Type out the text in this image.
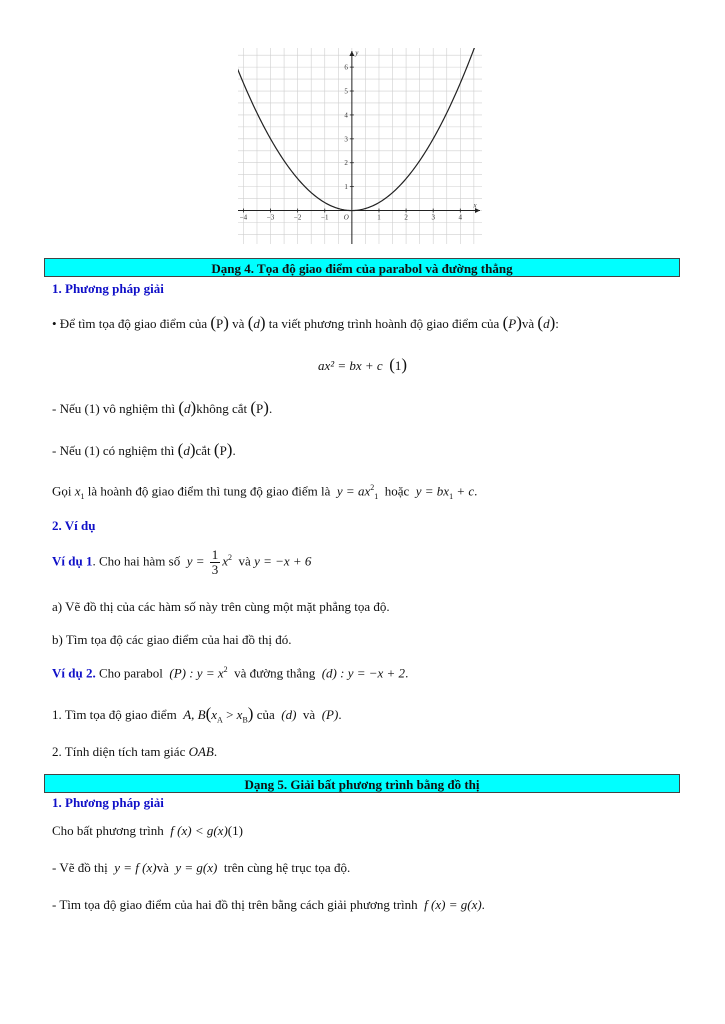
−4	−3	−2	−1	1	2	3	4
1
2
3
4
5
6
O
x
y
Dạng 4. Tọa độ giao điểm của parabol và đường thẳng
1. Phương pháp giải
• Để tìm tọa độ giao điểm của (P) và (d) ta viết phương trình hoành độ giao điểm của (P)và (d):
ax² = bx + c (1)
- Nếu (1) vô nghiệm thì (d)không cắt (P).
- Nếu (1) có nghiệm thì (d)cắt (P).
Gọi $x_1$ là hoành độ giao điểm thì tung độ giao điểm là $y = ax^2_1$ hoặc $y = bx_1 + c$.
2. Ví dụ
Ví dụ 1. Cho hai hàm số $y = \frac{1}{3} x^2$ và y = −x + 6
a) Vẽ đồ thị của các hàm số này trên cùng một mặt phẳng tọa độ.
b) Tìm tọa độ các giao điểm của hai đồ thị đó.
Ví dụ 2. Cho parabol (P) : $y = x^2$ và đường thẳng (d) : y = −x + 2.
1. Tìm tọa độ giao điểm A, $B(x_A > x_B)$ của (d) và (P).
2. Tính diện tích tam giác OAB.
Dạng 5. Giải bất phương trình bằng đồ thị
1. Phương pháp giải
Cho bất phương trình f (x) < g(x)(1)
- Vẽ đồ thị y = f (x)và y = g(x) trên cùng hệ trục tọa độ.
- Tìm tọa độ giao điểm của hai đồ thị trên bằng cách giải phương trình f (x) = g(x).
